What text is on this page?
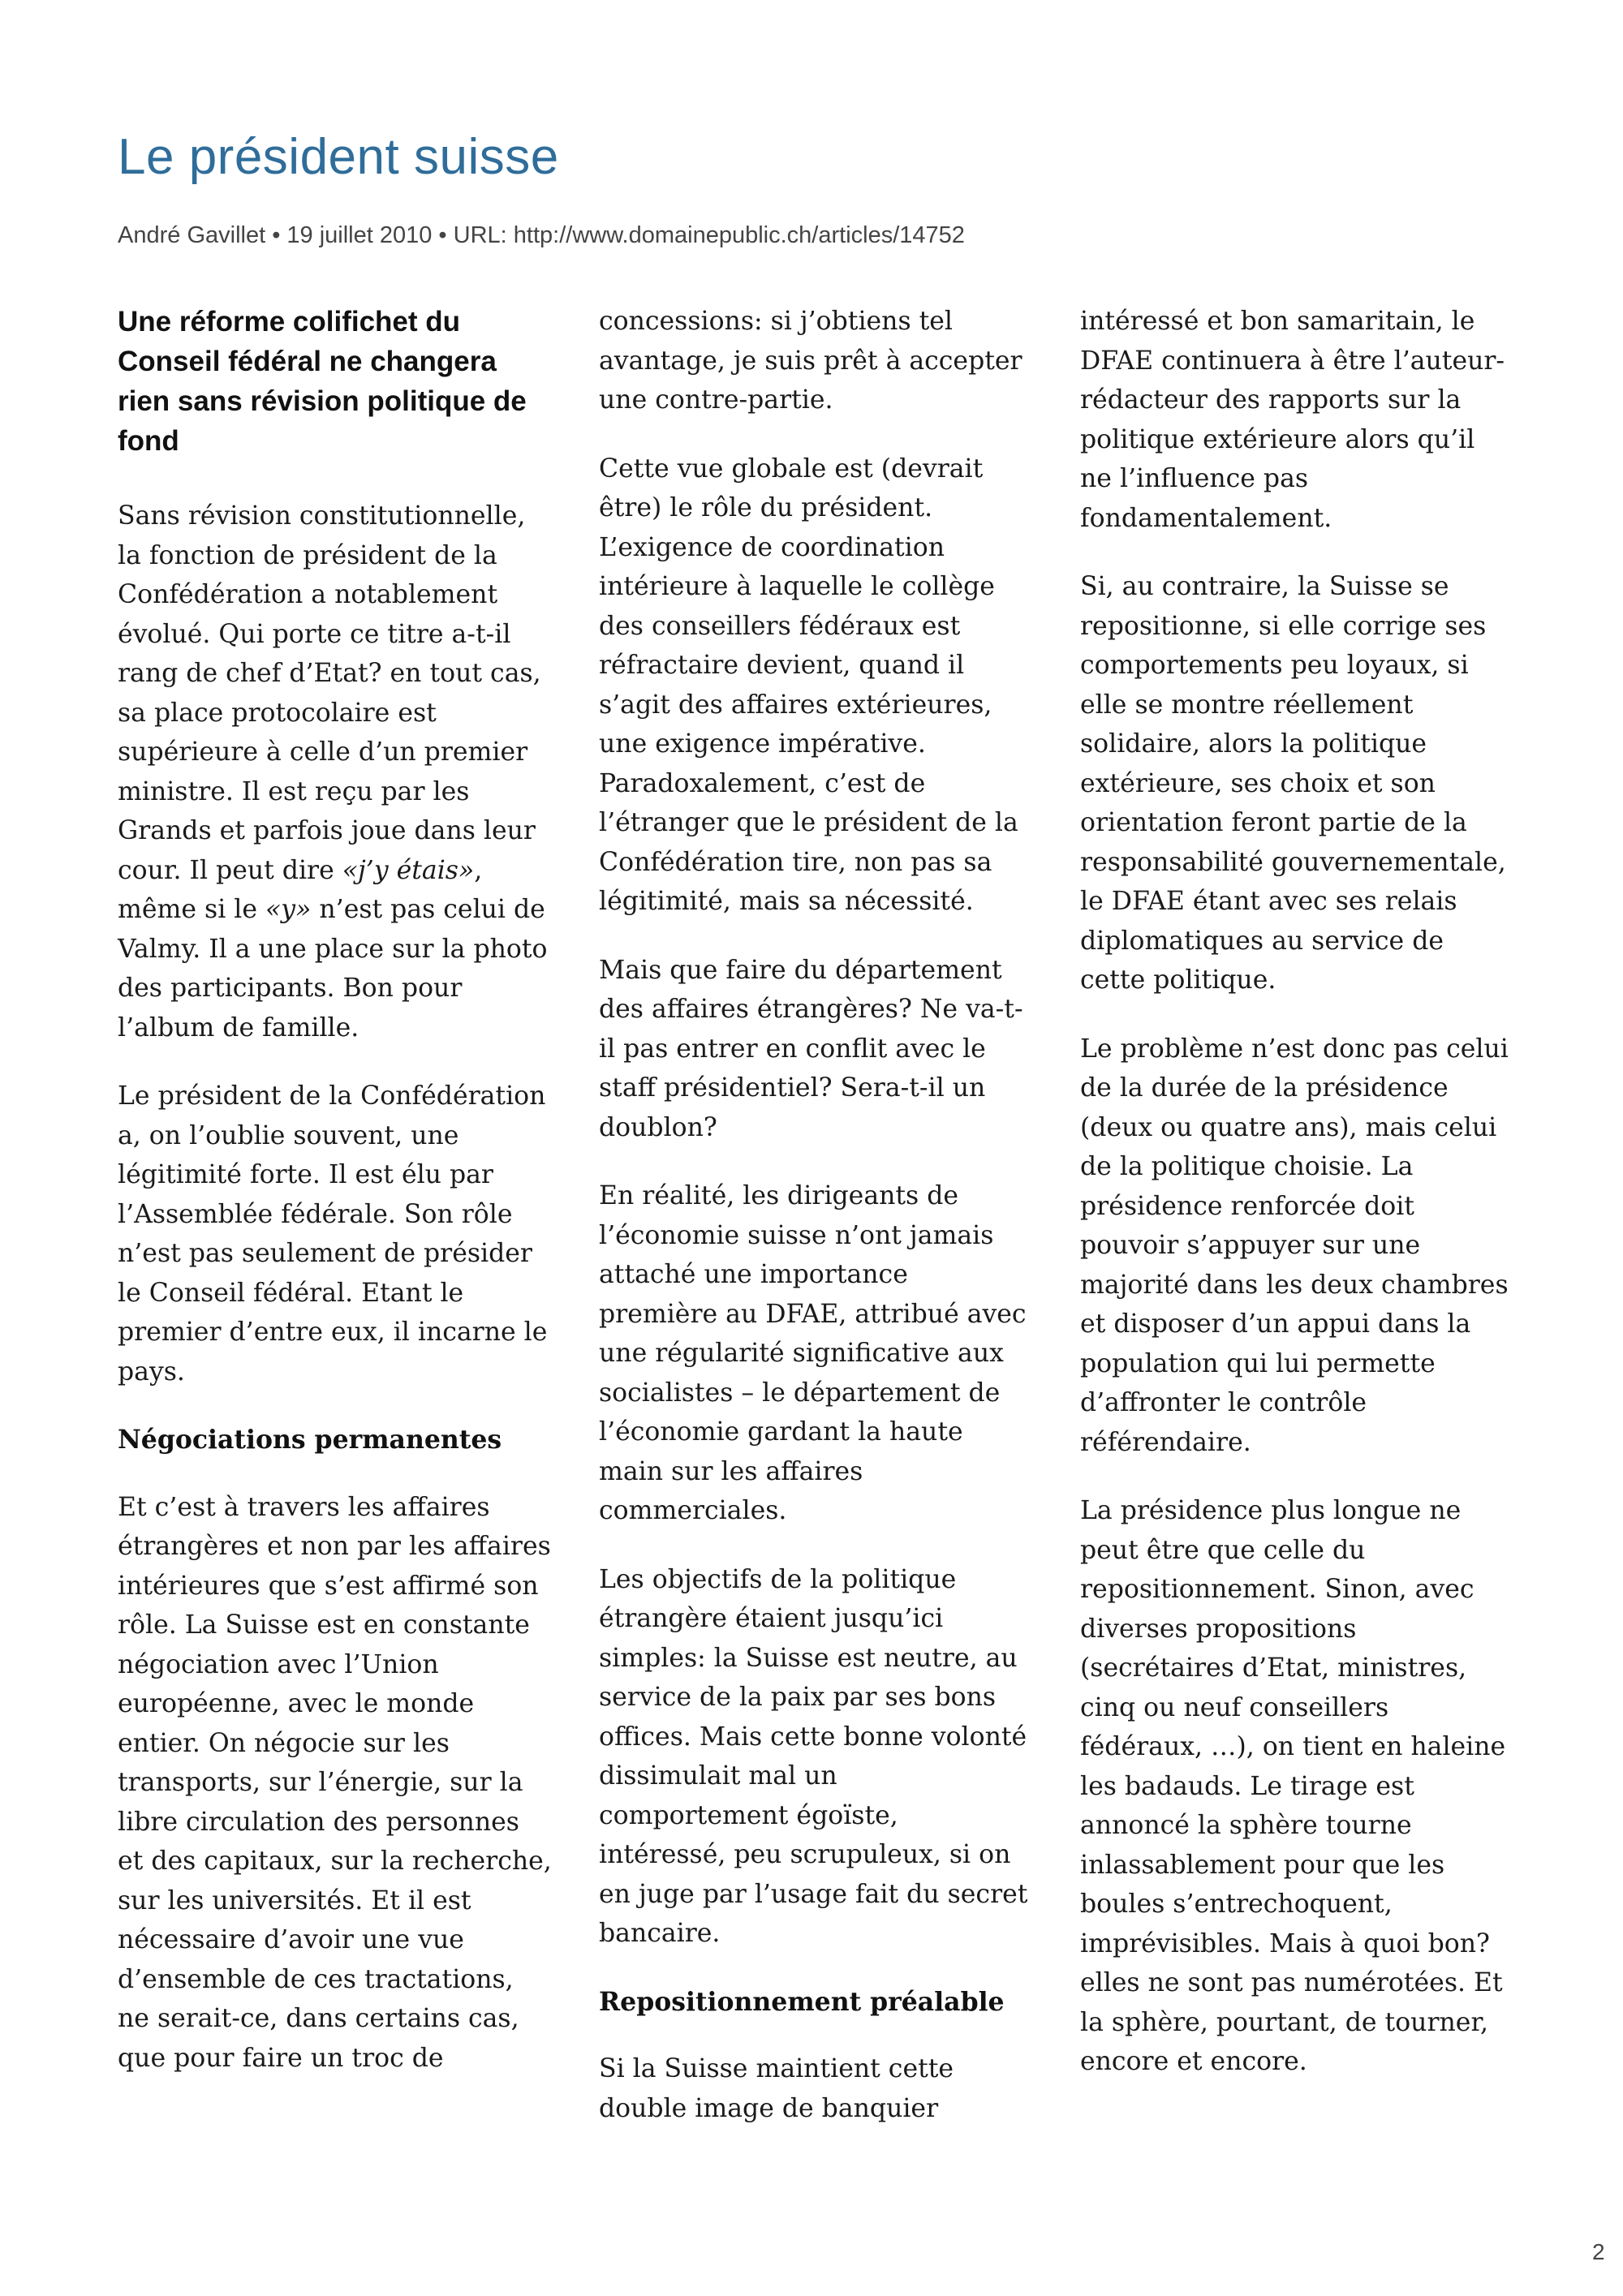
Le président suisse
André Gavillet • 19 juillet 2010 • URL: http://www.domainepublic.ch/articles/14752
Une réforme colifichet du Conseil fédéral ne changera rien sans révision politique de fond

Sans révision constitutionnelle, la fonction de président de la Confédération a notablement évolué. Qui porte ce titre a-t-il rang de chef d’Etat? en tout cas, sa place protocolaire est supérieure à celle d’un premier ministre. Il est reçu par les Grands et parfois joue dans leur cour. Il peut dire «j’y étais», même si le «y» n’est pas celui de Valmy. Il a une place sur la photo des participants. Bon pour l’album de famille.

Le président de la Confédération a, on l’oublie souvent, une légitimité forte. Il est élu par l’Assemblée fédérale. Son rôle n’est pas seulement de présider le Conseil fédéral. Etant le premier d’entre eux, il incarne le pays.

Négociations permanentes

Et c’est à travers les affaires étrangères et non par les affaires intérieures que s’est affirmé son rôle. La Suisse est en constante négociation avec l’Union européenne, avec le monde entier. On négocie sur les transports, sur l’énergie, sur la libre circulation des personnes et des capitaux, sur la recherche, sur les universités. Et il est nécessaire d’avoir une vue d’ensemble de ces tractations, ne serait-ce, dans certains cas, que pour faire un troc de

concessions: si j’obtiens tel avantage, je suis prêt à accepter une contre-partie.

Cette vue globale est (devrait être) le rôle du président. L’exigence de coordination intérieure à laquelle le collège des conseillers fédéraux est réfractaire devient, quand il s’agit des affaires extérieures, une exigence impérative. Paradoxalement, c’est de l’étranger que le président de la Confédération tire, non pas sa légitimité, mais sa nécessité.

Mais que faire du département des affaires étrangères? Ne va-t-il pas entrer en conflit avec le staff présidentiel? Sera-t-il un doublon?

En réalité, les dirigeants de l’économie suisse n’ont jamais attaché une importance première au DFAE, attribué avec une régularité significative aux socialistes – le département de l’économie gardant la haute main sur les affaires commerciales.

Les objectifs de la politique étrangère étaient jusqu’ici simples: la Suisse est neutre, au service de la paix par ses bons offices. Mais cette bonne volonté dissimulait mal un comportement égoïste, intéressé, peu scrupuleux, si on en juge par l’usage fait du secret bancaire.

Repositionnement préalable

Si la Suisse maintient cette double image de banquier

intéressé et bon samaritain, le DFAE continuera à être l’auteur-rédacteur des rapports sur la politique extérieure alors qu’il ne l’influence pas fondamentalement.

Si, au contraire, la Suisse se repositionne, si elle corrige ses comportements peu loyaux, si elle se montre réellement solidaire, alors la politique extérieure, ses choix et son orientation feront partie de la responsabilité gouvernementale, le DFAE étant avec ses relais diplomatiques au service de cette politique.

Le problème n’est donc pas celui de la durée de la présidence (deux ou quatre ans), mais celui de la politique choisie. La présidence renforcée doit pouvoir s’appuyer sur une majorité dans les deux chambres et disposer d’un appui dans la population qui lui permette d’affronter le contrôle référendaire.

La présidence plus longue ne peut être que celle du repositionnement. Sinon, avec diverses propositions (secrétaires d’Etat, ministres, cinq ou neuf conseillers fédéraux, …), on tient en haleine les badauds. Le tirage est annoncé la sphère tourne inlassablement pour que les boules s’entrechoquent, imprévisibles. Mais à quoi bon? elles ne sont pas numérotées. Et la sphère, pourtant, de tourner, encore et encore.

2
